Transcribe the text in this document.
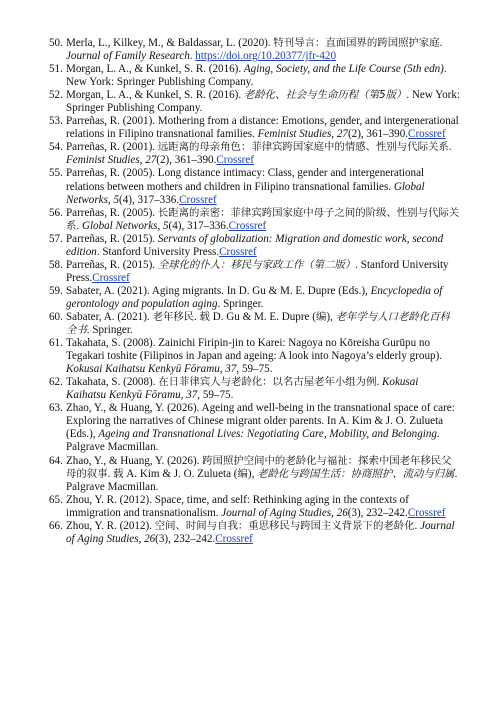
50. Merla, L., Kilkey, M., & Baldassar, L. (2020). 特刊导言：直面国界的跨国照护家庭. Journal of Family Research. https://doi.org/10.20377/jfr-420
51. Morgan, L. A., & Kunkel, S. R. (2016). Aging, Society, and the Life Course (5th edn). New York: Springer Publishing Company.
52. Morgan, L. A., & Kunkel, S. R. (2016). 老龄化、社会与生命历程（第5版）. New York: Springer Publishing Company.
53. Parreñas, R. (2001). Mothering from a distance: Emotions, gender, and intergenerational relations in Filipino transnational families. Feminist Studies, 27(2), 361–390.Crossref
54. Parreñas, R. (2001). 远距离的母亲角色：菲律宾跨国家庭中的情感、性别与代际关系. Feminist Studies, 27(2), 361–390.Crossref
55. Parreñas, R. (2005). Long distance intimacy: Class, gender and intergenerational relations between mothers and children in Filipino transnational families. Global Networks, 5(4), 317–336.Crossref
56. Parreñas, R. (2005). 长距离的亲密：菲律宾跨国家庭中母子之间的阶级、性别与代际关系. Global Networks, 5(4), 317–336.Crossref
57. Parreñas, R. (2015). Servants of globalization: Migration and domestic work, second edition. Stanford University Press.Crossref
58. Parreñas, R. (2015). 全球化的仆人：移民与家政工作（第二版）. Stanford University Press.Crossref
59. Sabater, A. (2021). Aging migrants. In D. Gu & M. E. Dupre (Eds.), Encyclopedia of gerontology and population aging. Springer.
60. Sabater, A. (2021). 老年移民. 载 D. Gu & M. E. Dupre (编), 老年学与人口老龄化百科全书. Springer.
61. Takahata, S. (2008). Zainichi Firipin-jin to Karei: Nagoya no Kōreisha Gurūpu no Tegakari toshite (Filipinos in Japan and ageing: A look into Nagoya’s elderly group). Kokusai Kaihatsu Kenkyū Fōramu, 37, 59–75.
62. Takahata, S. (2008). 在日菲律宾人与老龄化：以名古屋老年小组为例. Kokusai Kaihatsu Kenkyū Fōramu, 37, 59–75.
63. Zhao, Y., & Huang, Y. (2026). Ageing and well-being in the transnational space of care: Exploring the narratives of Chinese migrant older parents. In A. Kim & J. O. Zulueta (Eds.), Ageing and Transnational Lives: Negotiating Care, Mobility, and Belonging. Palgrave Macmillan.
64. Zhao, Y., & Huang, Y. (2026). 跨国照护空间中的老龄化与福祉：探索中国老年移民父母的叙事. 载 A. Kim & J. O. Zulueta (编), 老龄化与跨国生活：协商照护、流动与归属. Palgrave Macmillan.
65. Zhou, Y. R. (2012). Space, time, and self: Rethinking aging in the contexts of immigration and transnationalism. Journal of Aging Studies, 26(3), 232–242.Crossref
66. Zhou, Y. R. (2012). 空间、时间与自我：重思移民与跨国主义背景下的老龄化. Journal of Aging Studies, 26(3), 232–242.Crossref
